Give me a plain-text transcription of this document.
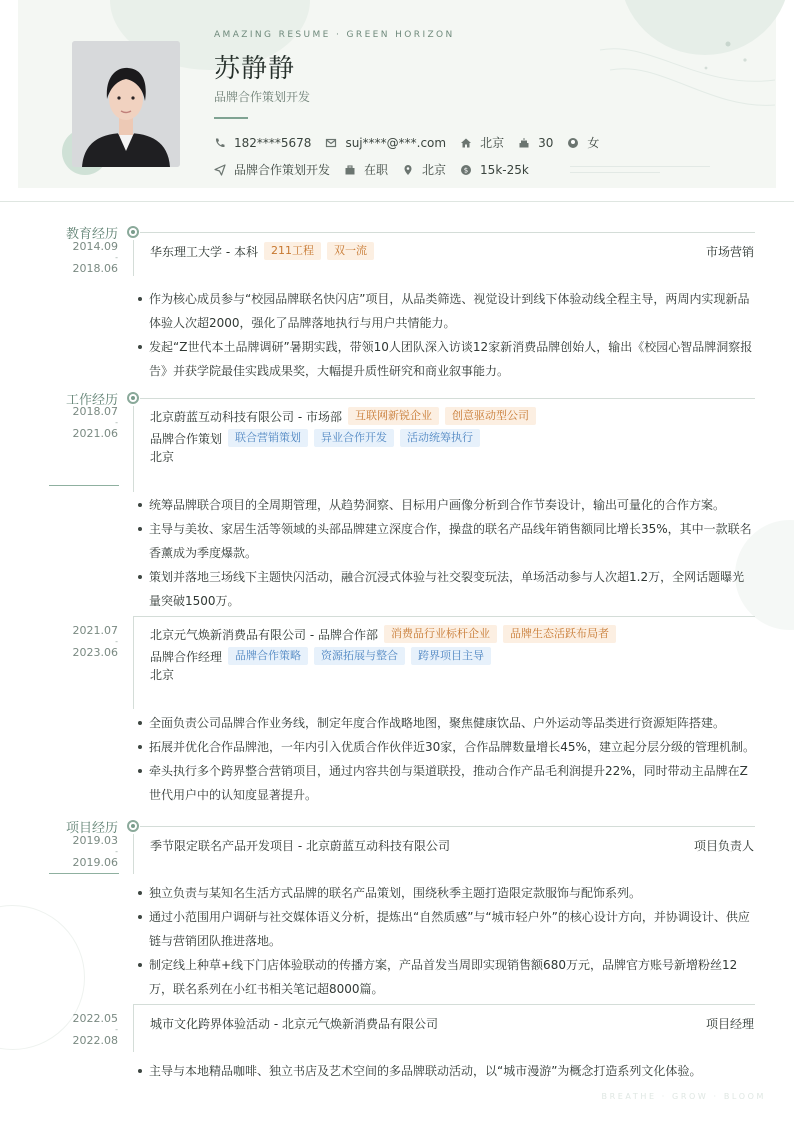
AMAZING RESUME · GREEN HORIZON
苏静静
品牌合作策划开发
182****5678	suj****@***.com	北京	30	女
品牌合作策划开发	在职	北京	$ 15k-25k
教育经历
2014.09
-
2018.06
华东理工大学 - 本科	211工程	双一流	市场营销
作为核心成员参与“校园品牌联名快闪店”项目，从品类筛选、视觉设计到线下体验动线全程主导，两周内实现新品体验人次超2000，强化了品牌落地执行与用户共情能力。
发起“Z世代本土品牌调研”暑期实践，带领10人团队深入访谈12家新消费品牌创始人，输出《校园心智品牌洞察报告》并获学院最佳实践成果奖，大幅提升质性研究和商业叙事能力。
工作经历
2018.07
-
2021.06
北京蔚蓝互动科技有限公司 - 市场部	互联网新锐企业	创意驱动型公司
品牌合作策划	联合营销策划	异业合作开发	活动统筹执行
北京
统筹品牌联合项目的全周期管理，从趋势洞察、目标用户画像分析到合作节奏设计，输出可量化的合作方案。
主导与美妆、家居生活等领域的头部品牌建立深度合作，操盘的联名产品线年销售额同比增长35%，其中一款联名香薰成为季度爆款。
策划并落地三场线下主题快闪活动，融合沉浸式体验与社交裂变玩法，单场活动参与人次超1.2万，全网话题曝光量突破1500万。
2021.07
-
2023.06
北京元气焕新消费品有限公司 - 品牌合作部	消费品行业标杆企业	品牌生态活跃布局者
品牌合作经理	品牌合作策略	资源拓展与整合	跨界项目主导
北京
全面负责公司品牌合作业务线，制定年度合作战略地图，聚焦健康饮品、户外运动等品类进行资源矩阵搭建。
拓展并优化合作品牌池，一年内引入优质合作伙伴近30家，合作品牌数量增长45%，建立起分层分级的管理机制。
牵头执行多个跨界整合营销项目，通过内容共创与渠道联投，推动合作产品毛利润提升22%，同时带动主品牌在Z世代用户中的认知度显著提升。
项目经历
2019.03
-
2019.06
季节限定联名产品开发项目 - 北京蔚蓝互动科技有限公司	项目负责人
独立负责与某知名生活方式品牌的联名产品策划，围绕秋季主题打造限定款服饰与配饰系列。
通过小范围用户调研与社交媒体语义分析，提炼出“自然质感”与“城市轻户外”的核心设计方向，并协调设计、供应链与营销团队推进落地。
制定线上种草+线下门店体验联动的传播方案，产品首发当周即实现销售额680万元，品牌官方账号新增粉丝12万，联名系列在小红书相关笔记超8000篇。
2022.05
-
2022.08
城市文化跨界体验活动 - 北京元气焕新消费品有限公司	项目经理
主导与本地精品咖啡、独立书店及艺术空间的多品牌联动活动，以“城市漫游”为概念打造系列文化体验。
BREATHE · GROW · BLOOM
